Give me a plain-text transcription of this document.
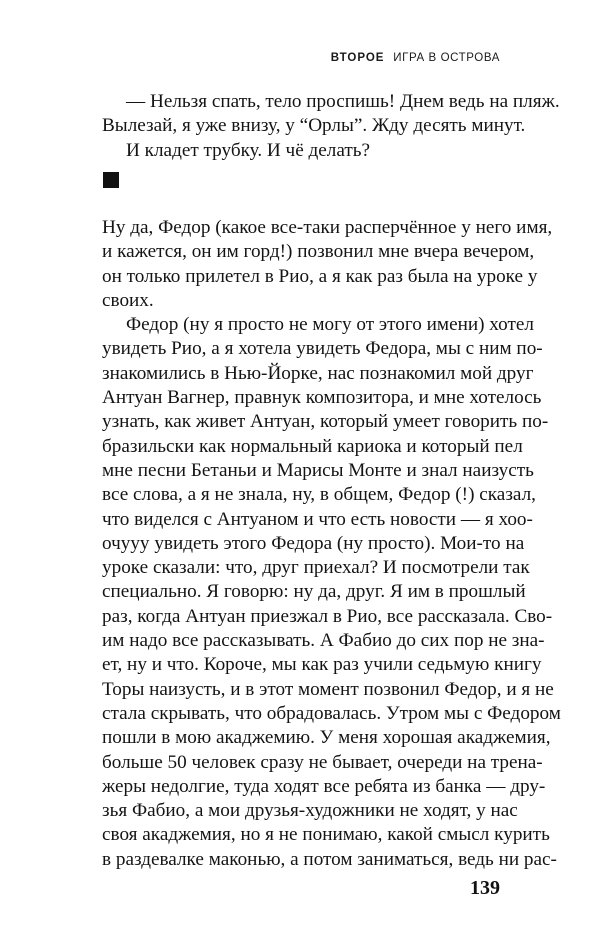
ВТОРОЕ ИГРА В ОСТРОВА
— Нельзя спать, тело проспишь! Днем ведь на пляж.
Вылезай, я уже внизу, у “Орлы”. Жду десять минут.
И кладет трубку. И чё делать?
Ну да, Федор (какое все-таки расперчённое у него имя,
и кажется, он им горд!) позвонил мне вчера вечером,
он только прилетел в Рио, а я как раз была на уроке у
своих.
Федор (ну я просто не могу от этого имени) хотел
увидеть Рио, а я хотела увидеть Федора, мы с ним по-
знакомились в Нью-Йорке, нас познакомил мой друг
Антуан Вагнер, правнук композитора, и мне хотелось
узнать, как живет Антуан, который умеет говорить по-
бразильски как нормальный кариока и который пел
мне песни Бетаньи и Марисы Монте и знал наизусть
все слова, а я не знала, ну, в общем, Федор (!) сказал,
что виделся с Антуаном и что есть новости — я хоо-
очууу увидеть этого Федора (ну просто). Мои-то на
уроке сказали: что, друг приехал? И посмотрели так
специально. Я говорю: ну да, друг. Я им в прошлый
раз, когда Антуан приезжал в Рио, все рассказала. Сво-
им надо все рассказывать. А Фабио до сих пор не зна-
ет, ну и что. Короче, мы как раз учили седьмую книгу
Торы наизусть, и в этот момент позвонил Федор, и я не
стала скрывать, что обрадовалась. Утром мы с Федором
пошли в мою акаджемию. У меня хорошая акаджемия,
больше 50 человек сразу не бывает, очереди на трена-
жеры недолгие, туда ходят все ребята из банка — дру-
зья Фабио, а мои друзья-художники не ходят, у нас
своя акаджемия, но я не понимаю, какой смысл курить
в раздевалке маконью, а потом заниматься, ведь ни рас-
139
